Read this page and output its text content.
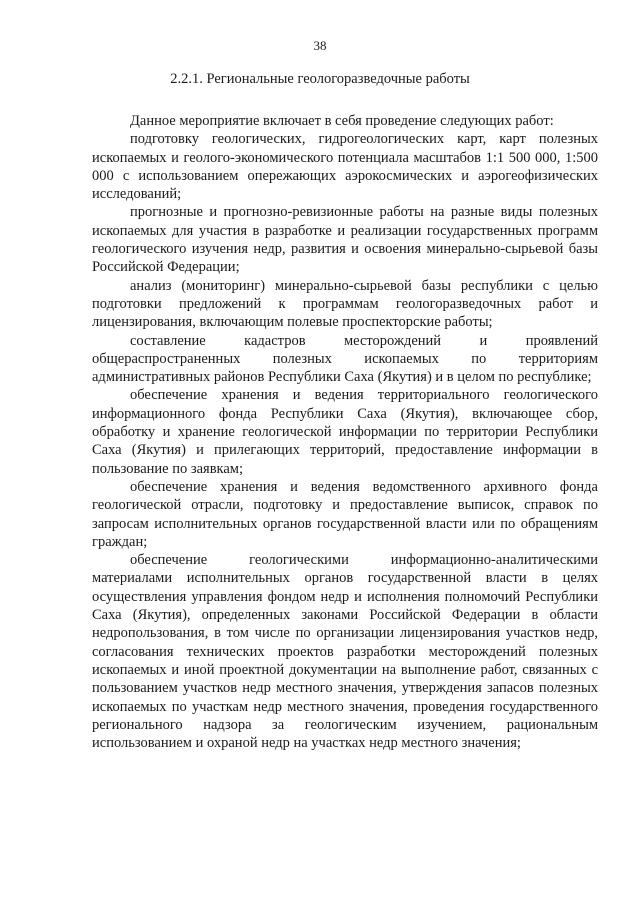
38
2.2.1. Региональные геологоразведочные работы

Данное мероприятие включает в себя проведение следующих работ:

подготовку геологических, гидрогеологических карт, карт полезных ископаемых и геолого-экономического потенциала масштабов 1:1 500 000, 1:500 000 с использованием опережающих аэрокосмических и аэрогеофизических исследований;

прогнозные и прогнозно-ревизионные работы на разные виды полезных ископаемых для участия в разработке и реализации государственных программ геологического изучения недр, развития и освоения минерально-сырьевой базы Российской Федерации;

анализ (мониторинг) минерально-сырьевой базы республики с целью подготовки предложений к программам геологоразведочных работ и лицензирования, включающим полевые проспекторские работы;

составление кадастров месторождений и проявлений общераспространенных полезных ископаемых по территориям административных районов Республики Саха (Якутия) и в целом по республике;

обеспечение хранения и ведения территориального геологического информационного фонда Республики Саха (Якутия), включающее сбор, обработку и хранение геологической информации по территории Республики Саха (Якутия) и прилегающих территорий, предоставление информации в пользование по заявкам;

обеспечение хранения и ведения ведомственного архивного фонда геологической отрасли, подготовку и предоставление выписок, справок по запросам исполнительных органов государственной власти или по обращениям граждан;

обеспечение геологическими информационно-аналитическими материалами исполнительных органов государственной власти в целях осуществления управления фондом недр и исполнения полномочий Республики Саха (Якутия), определенных законами Российской Федерации в области недропользования, в том числе по организации лицензирования участков недр, согласования технических проектов разработки месторождений полезных ископаемых и иной проектной документации на выполнение работ, связанных с пользованием участков недр местного значения, утверждения запасов полезных ископаемых по участкам недр местного значения, проведения государственного регионального надзора за геологическим изучением, рациональным использованием и охраной недр на участках недр местного значения;
